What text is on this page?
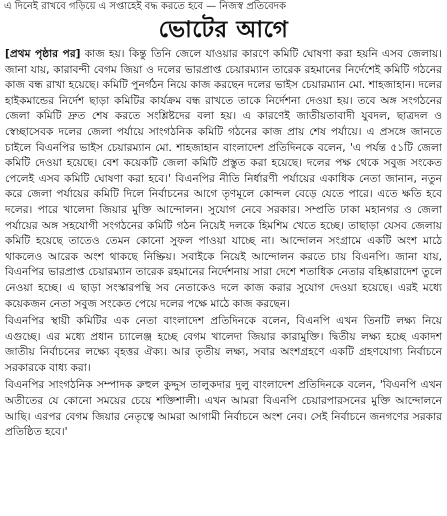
এ দিনেই রাখবে গড়িয়ে এ সপ্তাহেই বদ্ধ করতে হবে — নিজস্ব প্রতিবেদক
ভোটের আগে

[প্রথম পৃষ্ঠার পর] কাজ হয়। কিন্তু তিনি জেলে যাওয়ার কারণে কমিটি ঘোষণা করা হয়নি এসব জেলায়। জানা যায়, কারাবন্দী বেগম জিয়া ও দলের ভারপ্রাপ্ত চেয়ারম্যান তারেক রহমানের নির্দেশেই কমিটি গঠনের কাজ বন্ধ রাখা হয়েছে। কমিটি পুনর্গঠন নিয়ে কাজ করছেন দলের ভাইস চেয়ারম্যান মো. শাহজাহান। দলের হাইকমান্ডের নির্দেশ ছাড়া কমিটির কার্যক্রম বন্ধ রাখতে তাকে নির্দেশনা দেওয়া হয়। তবে অঙ্গ সংগঠনের জেলা কমিটি দ্রুত শেষ করতে সংশ্লিষ্টদের বলা হয়। এ কারণেই জাতীয়তাবাদী যুবদল, ছাত্রদল ও স্বেচ্ছাসেবক দলের জেলা পর্যায়ে সাংগঠনিক কমিটি গঠনের কাজ প্রায় শেষ পর্যায়ে। এ প্রসঙ্গে জানতে চাইলে বিএনপির ভাইস চেয়ারম্যান মো. শাহজাহান বাংলাদেশ প্রতিদিনকে বলেন, 'এ পর্যন্ত ৫১টি জেলা কমিটি দেওয়া হয়েছে। বেশ কয়েকটি জেলা কমিটি প্রস্তুত করা হয়েছে। দলের পক্ষ থেকে সবুজ সংকেত পেলেই এসব কমিটি ঘোষণা করা হবে।' বিএনপির নীতি নির্ধারণী পর্যায়ের একাধিক নেতা জানান, নতুন করে জেলা পর্যায়ের কমিটি দিলে নির্বাচনের আগে তৃণমূলে কোন্দল বেড়ে যেতে পারে। এতে ক্ষতি হবে দলের। পারে খালেদা জিয়ার মুক্তি আন্দোলন। সুযোগ নেবে সরকার। সম্প্রতি ঢাকা মহানগর ও জেলা পর্যায়ের অঙ্গ সহযোগী সংগঠনের কমিটি গঠন নিয়েই দলকে হিমশিম খেতে হচ্ছে। তাছাড়া যেসব জেলায় কমিটি হয়েছে তাতেও তেমন কোনো সুফল পাওয়া যাচ্ছে না। আন্দোলন সংগ্রামে একটি অংশ মাঠে থাকলেও আরেক অংশ থাকছে নিষ্ক্রিয়। সবাইকে নিয়েই আন্দোলন করতে চায় বিএনপি। জানা যায়, বিএনপির ভারপ্রাপ্ত চেয়ারম্যান তারেক রহমানের নির্দেশনায় সারা দেশে শতাধিক নেতার বহিষ্কারাদেশ তুলে নেওয়া হচ্ছে। এ ছাড়া সংস্কারপন্থি সব নেতাকেও দলে কাজ করার সুযোগ দেওয়া হয়েছে। এরই মধ্যে কয়েকজন নেতা সবুজ সংকেত পেয়ে দলের পক্ষে মাঠে কাজ করছেন।

বিএনপির স্থায়ী কমিটির এক নেতা বাংলাদেশ প্রতিদিনকে বলেন, বিএনপি এখন তিনটি লক্ষ্য নিয়ে এগুচ্ছে। এর মধ্যে প্রধান চ্যালেঞ্জ হচ্ছে বেগম খালেদা জিয়ার কারামুক্তি। দ্বিতীয় লক্ষ্য হচ্ছে একাদশ জাতীয় নির্বাচনের লক্ষ্যে বৃহত্তর ঐক্য। আর তৃতীয় লক্ষ্য, সবার অংশগ্রহণে একটি গ্রহণযোগ্য নির্বাচনে সরকারকে বাধ্য করা।

বিএনপির সাংগঠনিক সম্পাদক রুহুল কুদ্দুস তালুকদার দুলু বাংলাদেশ প্রতিদিনকে বলেন, 'বিএনপি এখন অতীতের যে কোনো সময়ের চেয়ে শক্তিশালী। এখন আমরা বিএনপি চেয়ারপারসনের মুক্তি আন্দোলনে আছি। এরপর বেগম জিয়ার নেতৃত্বে আমরা আগামী নির্বাচনে অংশ নেব। সেই নির্বাচনে জনগণের সরকার প্রতিষ্ঠিত হবে।'
